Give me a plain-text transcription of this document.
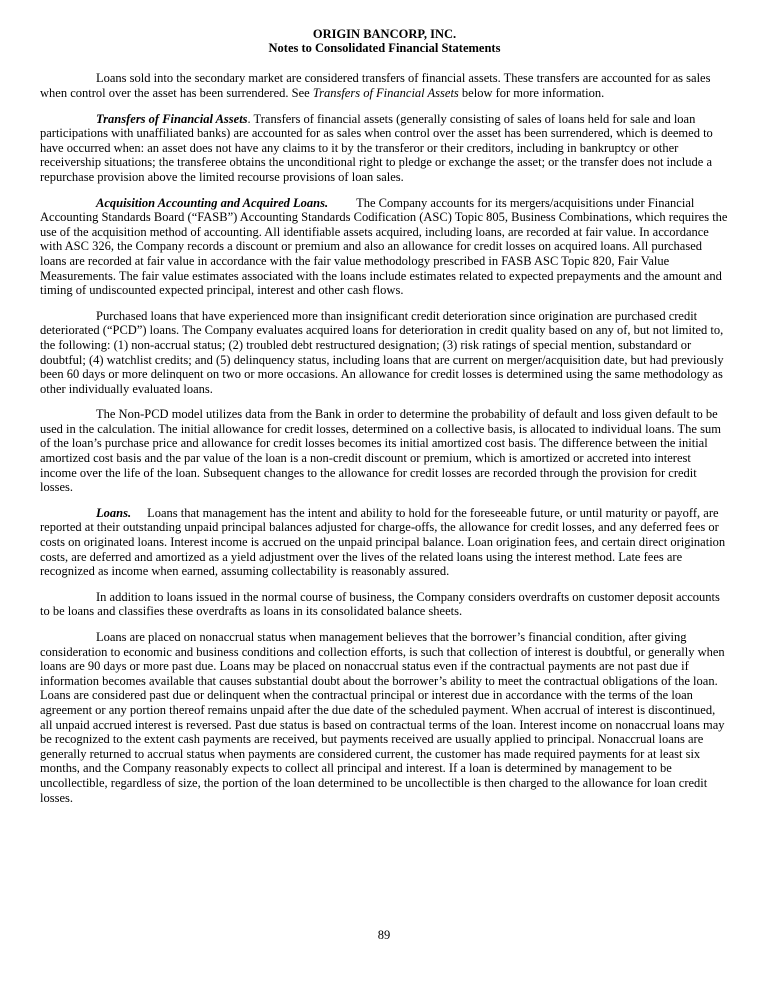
ORIGIN BANCORP, INC.
Notes to Consolidated Financial Statements

Loans sold into the secondary market are considered transfers of financial assets. These transfers are accounted for as sales when control over the asset has been surrendered. See Transfers of Financial Assets below for more information.

Transfers of Financial Assets. Transfers of financial assets (generally consisting of sales of loans held for sale and loan participations with unaffiliated banks) are accounted for as sales when control over the asset has been surrendered, which is deemed to have occurred when: an asset does not have any claims to it by the transferor or their creditors, including in bankruptcy or other receivership situations; the transferee obtains the unconditional right to pledge or exchange the asset; or the transfer does not include a repurchase provision above the limited recourse provisions of loan sales.

Acquisition Accounting and Acquired Loans. The Company accounts for its mergers/acquisitions under Financial Accounting Standards Board (“FASB”) Accounting Standards Codification (ASC) Topic 805, Business Combinations, which requires the use of the acquisition method of accounting. All identifiable assets acquired, including loans, are recorded at fair value. In accordance with ASC 326, the Company records a discount or premium and also an allowance for credit losses on acquired loans. All purchased loans are recorded at fair value in accordance with the fair value methodology prescribed in FASB ASC Topic 820, Fair Value Measurements. The fair value estimates associated with the loans include estimates related to expected prepayments and the amount and timing of undiscounted expected principal, interest and other cash flows.

Purchased loans that have experienced more than insignificant credit deterioration since origination are purchased credit deteriorated (“PCD”) loans. The Company evaluates acquired loans for deterioration in credit quality based on any of, but not limited to, the following: (1) non-accrual status; (2) troubled debt restructured designation; (3) risk ratings of special mention, substandard or doubtful; (4) watchlist credits; and (5) delinquency status, including loans that are current on merger/acquisition date, but had previously been 60 days or more delinquent on two or more occasions. An allowance for credit losses is determined using the same methodology as other individually evaluated loans.

The Non-PCD model utilizes data from the Bank in order to determine the probability of default and loss given default to be used in the calculation. The initial allowance for credit losses, determined on a collective basis, is allocated to individual loans. The sum of the loan’s purchase price and allowance for credit losses becomes its initial amortized cost basis. The difference between the initial amortized cost basis and the par value of the loan is a non-credit discount or premium, which is amortized or accreted into interest income over the life of the loan. Subsequent changes to the allowance for credit losses are recorded through the provision for credit losses.

Loans. Loans that management has the intent and ability to hold for the foreseeable future, or until maturity or payoff, are reported at their outstanding unpaid principal balances adjusted for charge-offs, the allowance for credit losses, and any deferred fees or costs on originated loans. Interest income is accrued on the unpaid principal balance. Loan origination fees, and certain direct origination costs, are deferred and amortized as a yield adjustment over the lives of the related loans using the interest method. Late fees are recognized as income when earned, assuming collectability is reasonably assured.

In addition to loans issued in the normal course of business, the Company considers overdrafts on customer deposit accounts to be loans and classifies these overdrafts as loans in its consolidated balance sheets.

Loans are placed on nonaccrual status when management believes that the borrower’s financial condition, after giving consideration to economic and business conditions and collection efforts, is such that collection of interest is doubtful, or generally when loans are 90 days or more past due. Loans may be placed on nonaccrual status even if the contractual payments are not past due if information becomes available that causes substantial doubt about the borrower’s ability to meet the contractual obligations of the loan. Loans are considered past due or delinquent when the contractual principal or interest due in accordance with the terms of the loan agreement or any portion thereof remains unpaid after the due date of the scheduled payment. When accrual of interest is discontinued, all unpaid accrued interest is reversed. Past due status is based on contractual terms of the loan. Interest income on nonaccrual loans may be recognized to the extent cash payments are received, but payments received are usually applied to principal. Nonaccrual loans are generally returned to accrual status when payments are considered current, the customer has made required payments for at least six months, and the Company reasonably expects to collect all principal and interest. If a loan is determined by management to be uncollectible, regardless of size, the portion of the loan determined to be uncollectible is then charged to the allowance for loan credit losses.

89
